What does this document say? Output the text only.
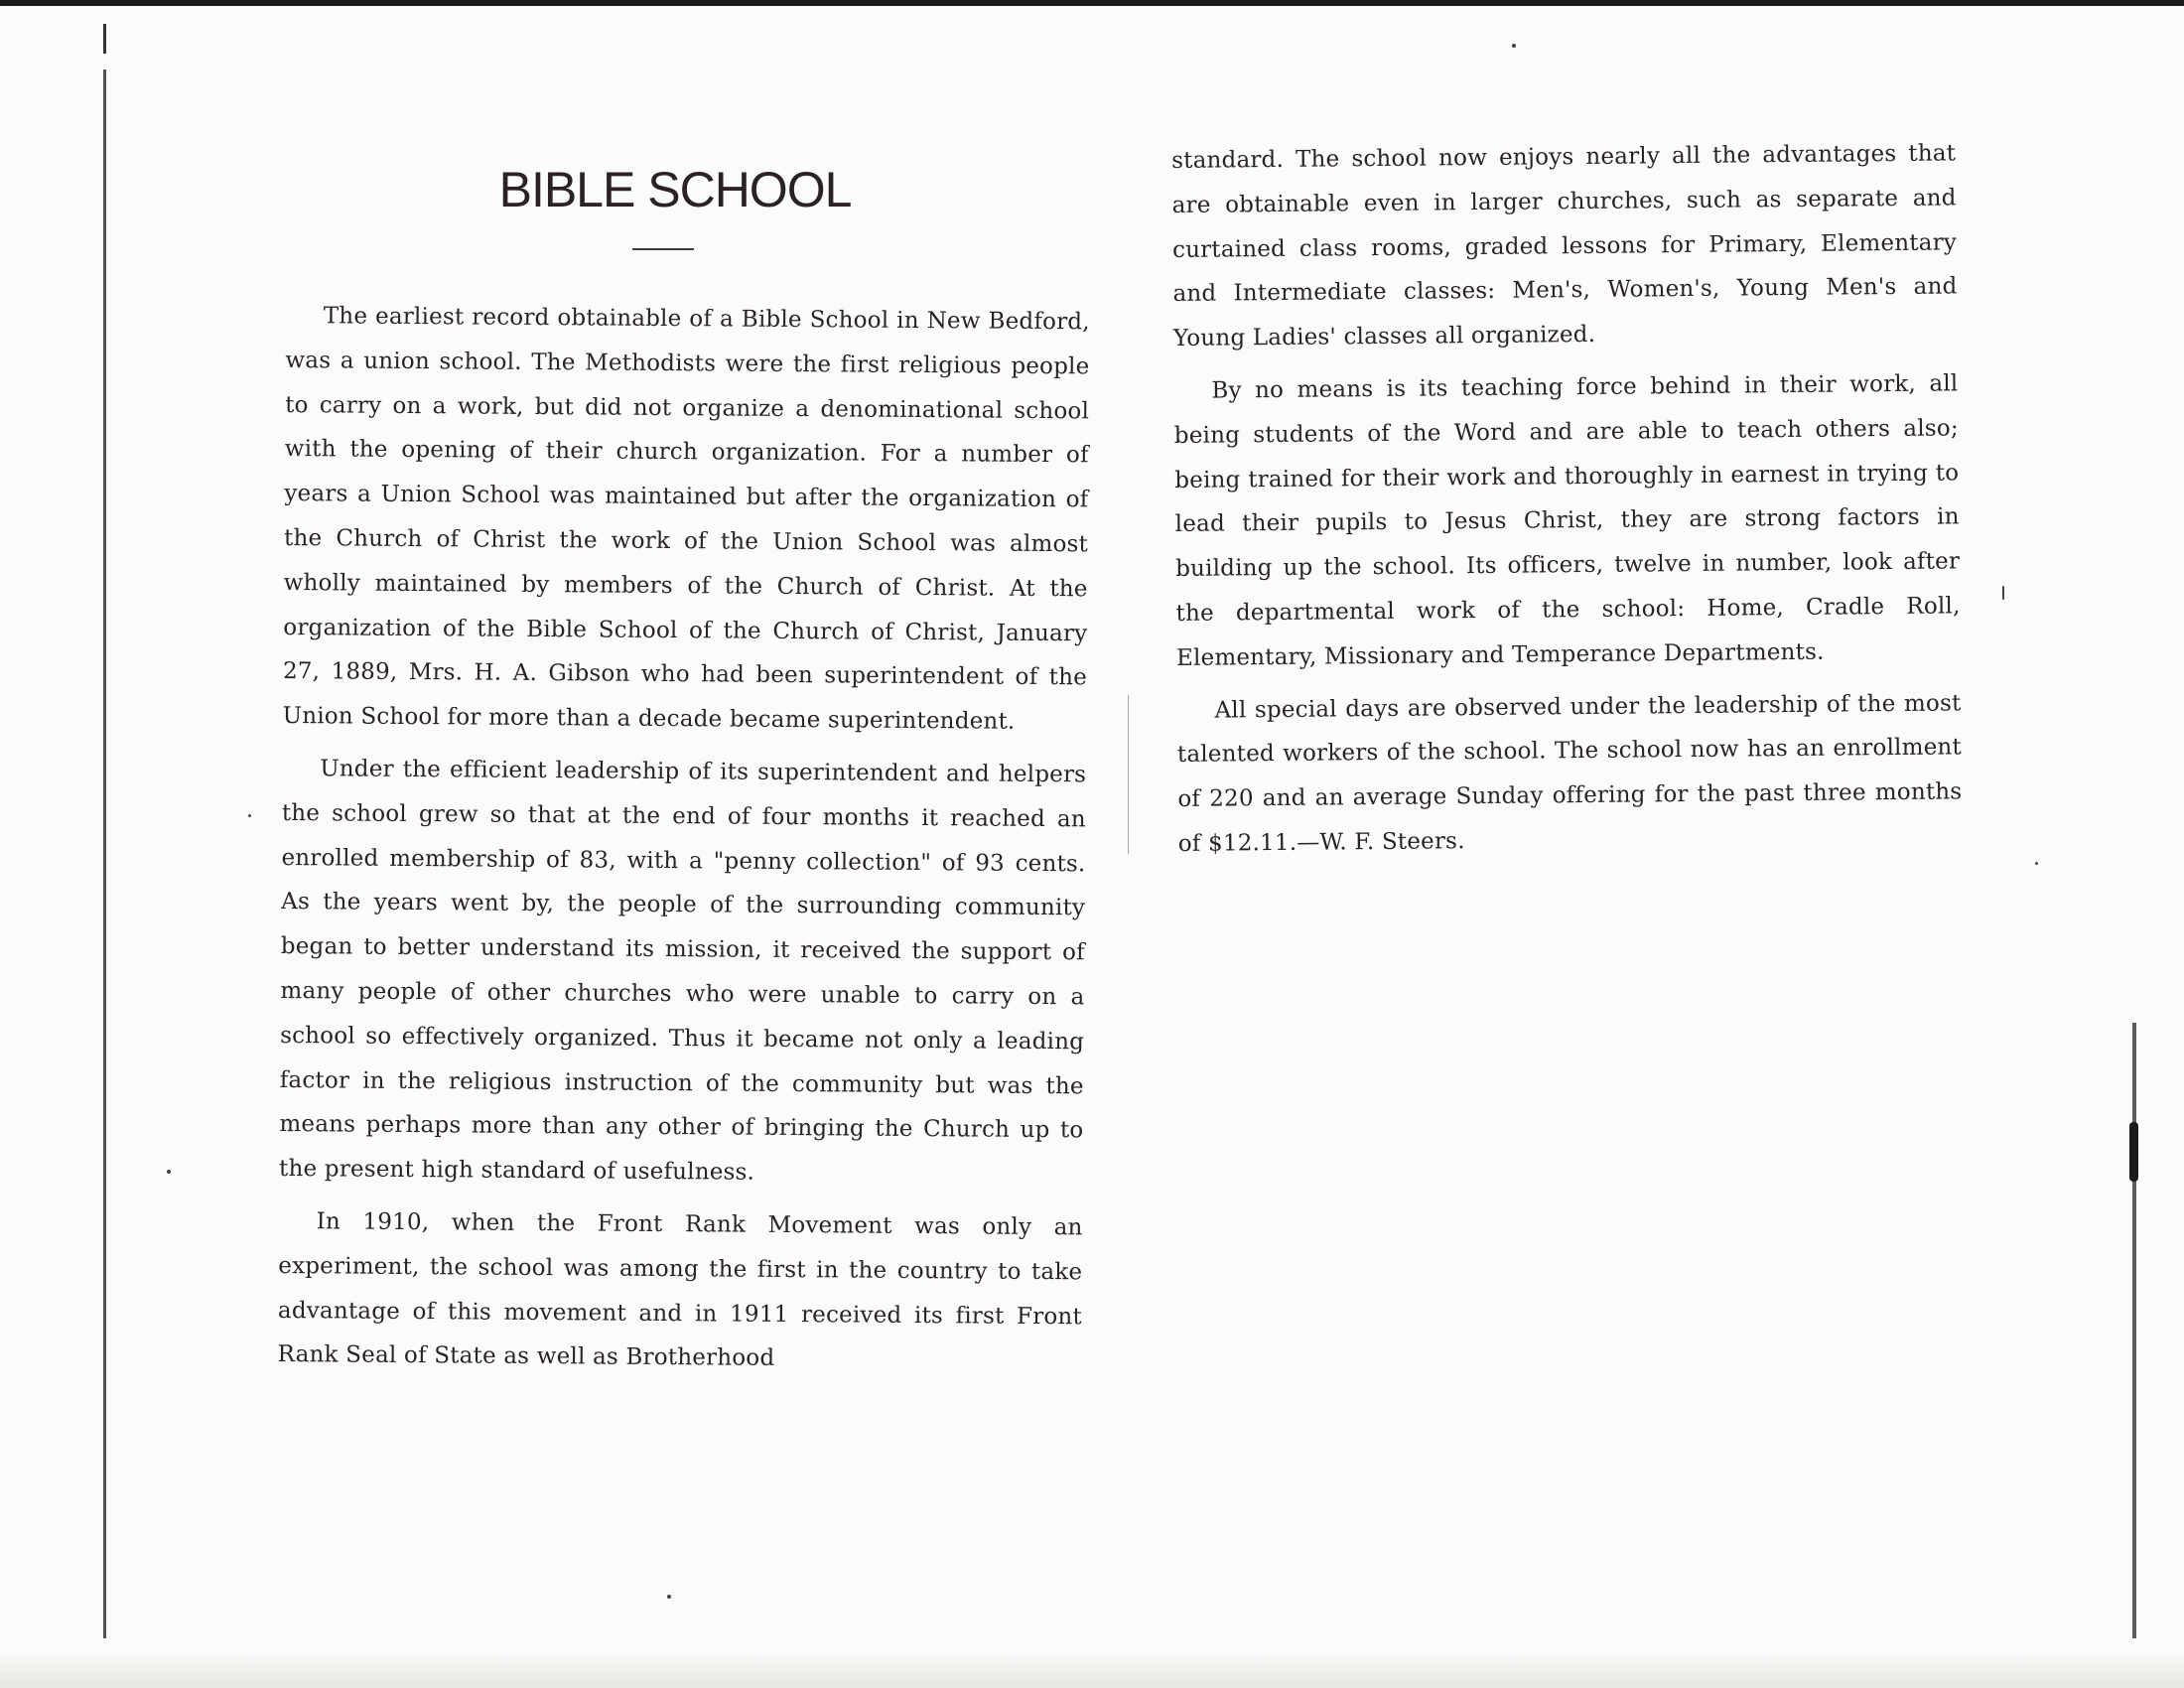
BIBLE SCHOOL

The earliest record obtainable of a Bible School in New Bedford, was a union school. The Methodists were the first religious people to carry on a work, but did not organize a denominational school with the opening of their church organization. For a number of years a Union School was maintained but after the organization of the Church of Christ the work of the Union School was almost wholly maintained by members of the Church of Christ. At the organization of the Bible School of the Church of Christ, January 27, 1889, Mrs. H. A. Gibson who had been superintendent of the Union School for more than a decade became superintendent.

Under the efficient leadership of its superintendent and helpers the school grew so that at the end of four months it reached an enrolled membership of 83, with a "penny collection" of 93 cents. As the years went by, the people of the surrounding community began to better understand its mission, it received the support of many people of other churches who were unable to carry on a school so effectively organized. Thus it became not only a leading factor in the religious instruction of the community but was the means perhaps more than any other of bringing the Church up to the present high standard of usefulness.

In 1910, when the Front Rank Movement was only an experiment, the school was among the first in the country to take advantage of this movement and in 1911 received its first Front Rank Seal of State as well as Brotherhood

standard. The school now enjoys nearly all the advantages that are obtainable even in larger churches, such as separate and curtained class rooms, graded lessons for Primary, Elementary and Intermediate classes: Men's, Women's, Young Men's and Young Ladies' classes all organized.

By no means is its teaching force behind in their work, all being students of the Word and are able to teach others also; being trained for their work and thoroughly in earnest in trying to lead their pupils to Jesus Christ, they are strong factors in building up the school. Its officers, twelve in number, look after the departmental work of the school: Home, Cradle Roll, Elementary, Missionary and Temperance Departments.

All special days are observed under the leadership of the most talented workers of the school. The school now has an enrollment of 220 and an average Sunday offering for the past three months of $12.11.—W. F. Steers.
